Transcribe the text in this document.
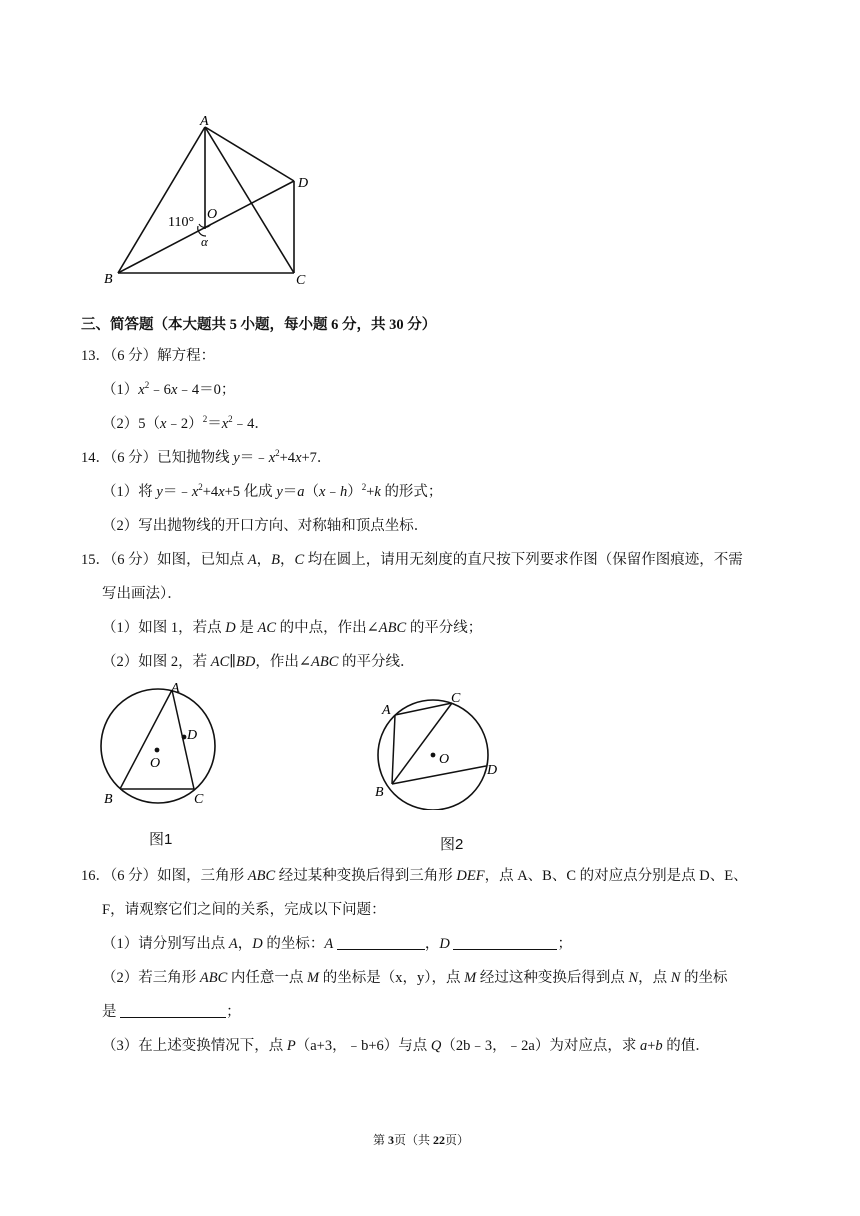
A
D
O
110°
α
B	C
三、简答题（本大题共 5 小题，每小题 6 分，共 30 分）
13．（6 分）解方程：
$(1)x^2﹣6x﹣4=0$；
$(2)5(x﹣2)^2=x^2﹣4$．
14．（6 分）已知抛物线 $y=﹣x^2+4x+7$．
（1）将 $y=﹣x^2+4x+5$ 化成 y＝a（x﹣h）$^2$+k 的形式；
（2）写出抛物线的开口方向、对称轴和顶点坐标．
15．（6 分）如图，已知点 A，B，C 均在圆上，请用无刻度的直尺按下列要求作图（保留作图痕迹，不需
写出画法）．
（1）如图 1，若点 D 是 AC 的中点，作出∠ABC 的平分线；
（2）如图 2，若 AC∥BD，作出∠ABC 的平分线．
A
D
O
B	C
图1
A
C
O
D
B
图2
16．（6 分）如图，三角形 ABC 经过某种变换后得到三角形 DEF，点 A、B、C 的对应点分别是点 D、E、
F，请观察它们之间的关系，完成以下问题：
（1）请分别写出点 A，D 的坐标：A	，D	；
（2）若三角形 ABC 内任意一点 M 的坐标是（x，y），点 M 经过这种变换后得到点 N，点 N 的坐标
是	；
（3）在上述变换情况下，点 P（a+3，﹣b+6）与点 Q（2b﹣3，﹣2a）为对应点，求 a+b 的值．
第 3页（共 22页）
